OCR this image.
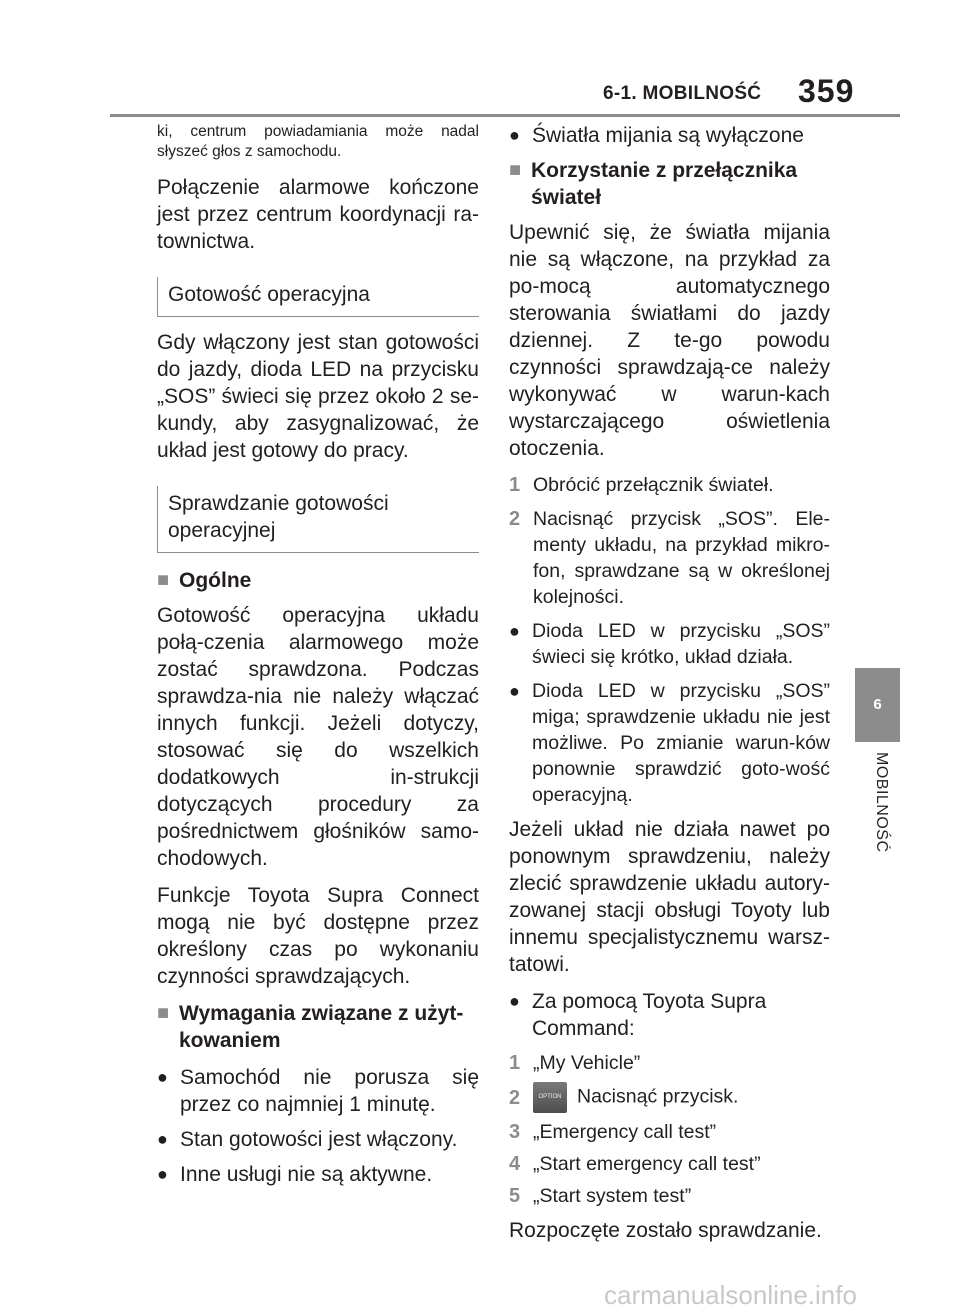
6-1. MOBILNOŚĆ 359
6
MOBILNOŚĆ

ki, centrum powiadamiania może nadal słyszeć głos z samochodu.

Połączenie alarmowe kończone jest przez centrum koordynacji ra-townictwa.

Gotowość operacyjna

Gdy włączony jest stan gotowości do jazdy, dioda LED na przycisku „SOS” świeci się przez około 2 se-kundy, aby zasygnalizować, że układ jest gotowy do pracy.

Sprawdzanie gotowości operacyjnej
■ Ogólne

Gotowość operacyjna układu połą-czenia alarmowego może zostać sprawdzona. Podczas sprawdza-nia nie należy włączać innych funkcji. Jeżeli dotyczy, stosować się do wszelkich dodatkowych in-strukcji dotyczących procedury za pośrednictwem głośników samo-chodowych.

Funkcje Toyota Supra Connect mogą nie być dostępne przez określony czas po wykonaniu czynności sprawdzających.

■ Wymagania związane z użyt-kowaniem
● Samochód nie porusza się przez co najmniej 1 minutę.
● Stan gotowości jest włączony.
● Inne usługi nie są aktywne.
● Światła mijania są wyłączone
■ Korzystanie z przełącznika świateł

Upewnić się, że światła mijania nie są włączone, na przykład za po-mocą automatycznego sterowania światłami do jazdy dziennej. Z te-go powodu czynności sprawdzają-ce należy wykonywać w warun-kach wystarczającego oświetlenia otoczenia.

1 Obrócić przełącznik świateł.
2 Nacisnąć przycisk „SOS”. Ele-menty układu, na przykład mikro-fon, sprawdzane są w określonej kolejności.
● Dioda LED w przycisku „SOS” świeci się krótko, układ działa.
● Dioda LED w przycisku „SOS” miga; sprawdzenie układu nie jest możliwe. Po zmianie warun-ków ponownie sprawdzić goto-wość operacyjną.

Jeżeli układ nie działa nawet po ponownym sprawdzeniu, należy zlecić sprawdzenie układu autory-zowanej stacji obsługi Toyoty lub innemu specjalistycznemu warsz-tatowi.

● Za pomocą Toyota Supra Command:
1 „My Vehicle”
2	OPTION Nacisnąć przycisk.
3 „Emergency call test”
4 „Start emergency call test”
5 „Start system test”

Rozpoczęte zostało sprawdzanie.

carmanualsonline.info
